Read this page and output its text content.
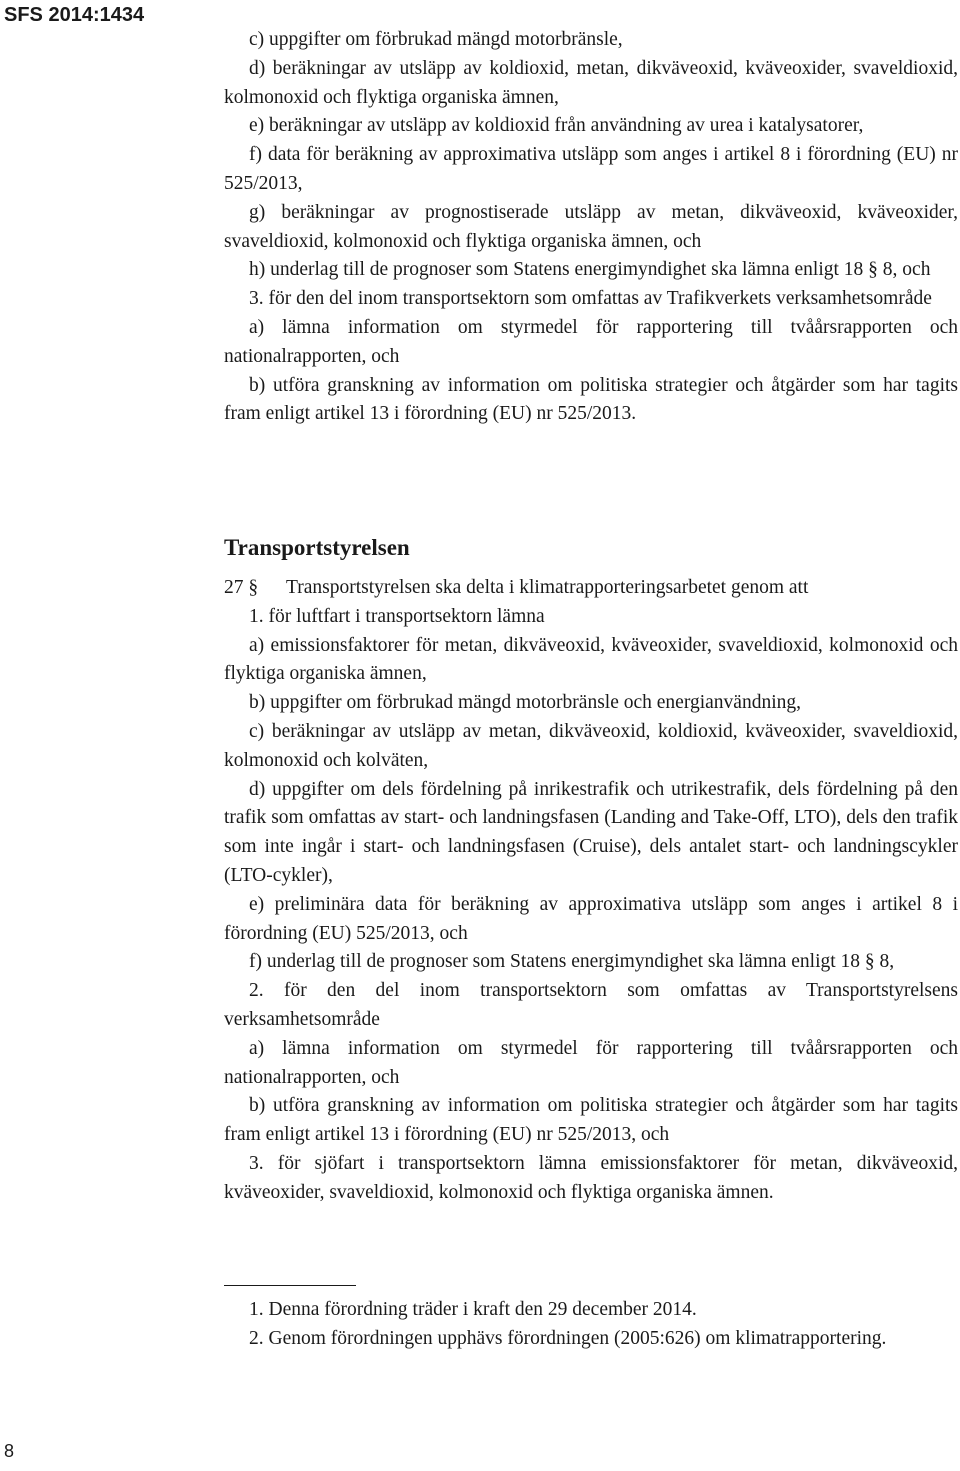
SFS 2014:1434

c) uppgifter om förbrukad mängd motorbränsle,

d) beräkningar av utsläpp av koldioxid, metan, dikväveoxid, kväveoxider, svaveldioxid, kolmonoxid och flyktiga organiska ämnen,

e) beräkningar av utsläpp av koldioxid från användning av urea i katalysatorer,

f) data för beräkning av approximativa utsläpp som anges i artikel 8 i förordning (EU) nr 525/2013,

g) beräkningar av prognostiserade utsläpp av metan, dikväveoxid, kväveoxider, svaveldioxid, kolmonoxid och flyktiga organiska ämnen, och

h) underlag till de prognoser som Statens energimyndighet ska lämna enligt 18 § 8, och

3. för den del inom transportsektorn som omfattas av Trafikverkets verksamhetsområde

a) lämna information om styrmedel för rapportering till tvåårsrapporten och nationalrapporten, och

b) utföra granskning av information om politiska strategier och åtgärder som har tagits fram enligt artikel 13 i förordning (EU) nr 525/2013.

Transportstyrelsen

27 § Transportstyrelsen ska delta i klimatrapporteringsarbetet genom att

1. för luftfart i transportsektorn lämna

a) emissionsfaktorer för metan, dikväveoxid, kväveoxider, svaveldioxid, kolmonoxid och flyktiga organiska ämnen,

b) uppgifter om förbrukad mängd motorbränsle och energianvändning,

c) beräkningar av utsläpp av metan, dikväveoxid, koldioxid, kväveoxider, svaveldioxid, kolmonoxid och kolväten,

d) uppgifter om dels fördelning på inrikestrafik och utrikestrafik, dels fördelning på den trafik som omfattas av start- och landningsfasen (Landing and Take-Off, LTO), dels den trafik som inte ingår i start- och landningsfasen (Cruise), dels antalet start- och landningscykler (LTO-cykler),

e) preliminära data för beräkning av approximativa utsläpp som anges i artikel 8 i förordning (EU) 525/2013, och

f) underlag till de prognoser som Statens energimyndighet ska lämna enligt 18 § 8,

2. för den del inom transportsektorn som omfattas av Transportstyrelsens verksamhetsområde

a) lämna information om styrmedel för rapportering till tvåårsrapporten och nationalrapporten, och

b) utföra granskning av information om politiska strategier och åtgärder som har tagits fram enligt artikel 13 i förordning (EU) nr 525/2013, och

3. för sjöfart i transportsektorn lämna emissionsfaktorer för metan, dikväveoxid, kväveoxider, svaveldioxid, kolmonoxid och flyktiga organiska ämnen.

1. Denna förordning träder i kraft den 29 december 2014.

2. Genom förordningen upphävs förordningen (2005:626) om klimatrapportering.

8
